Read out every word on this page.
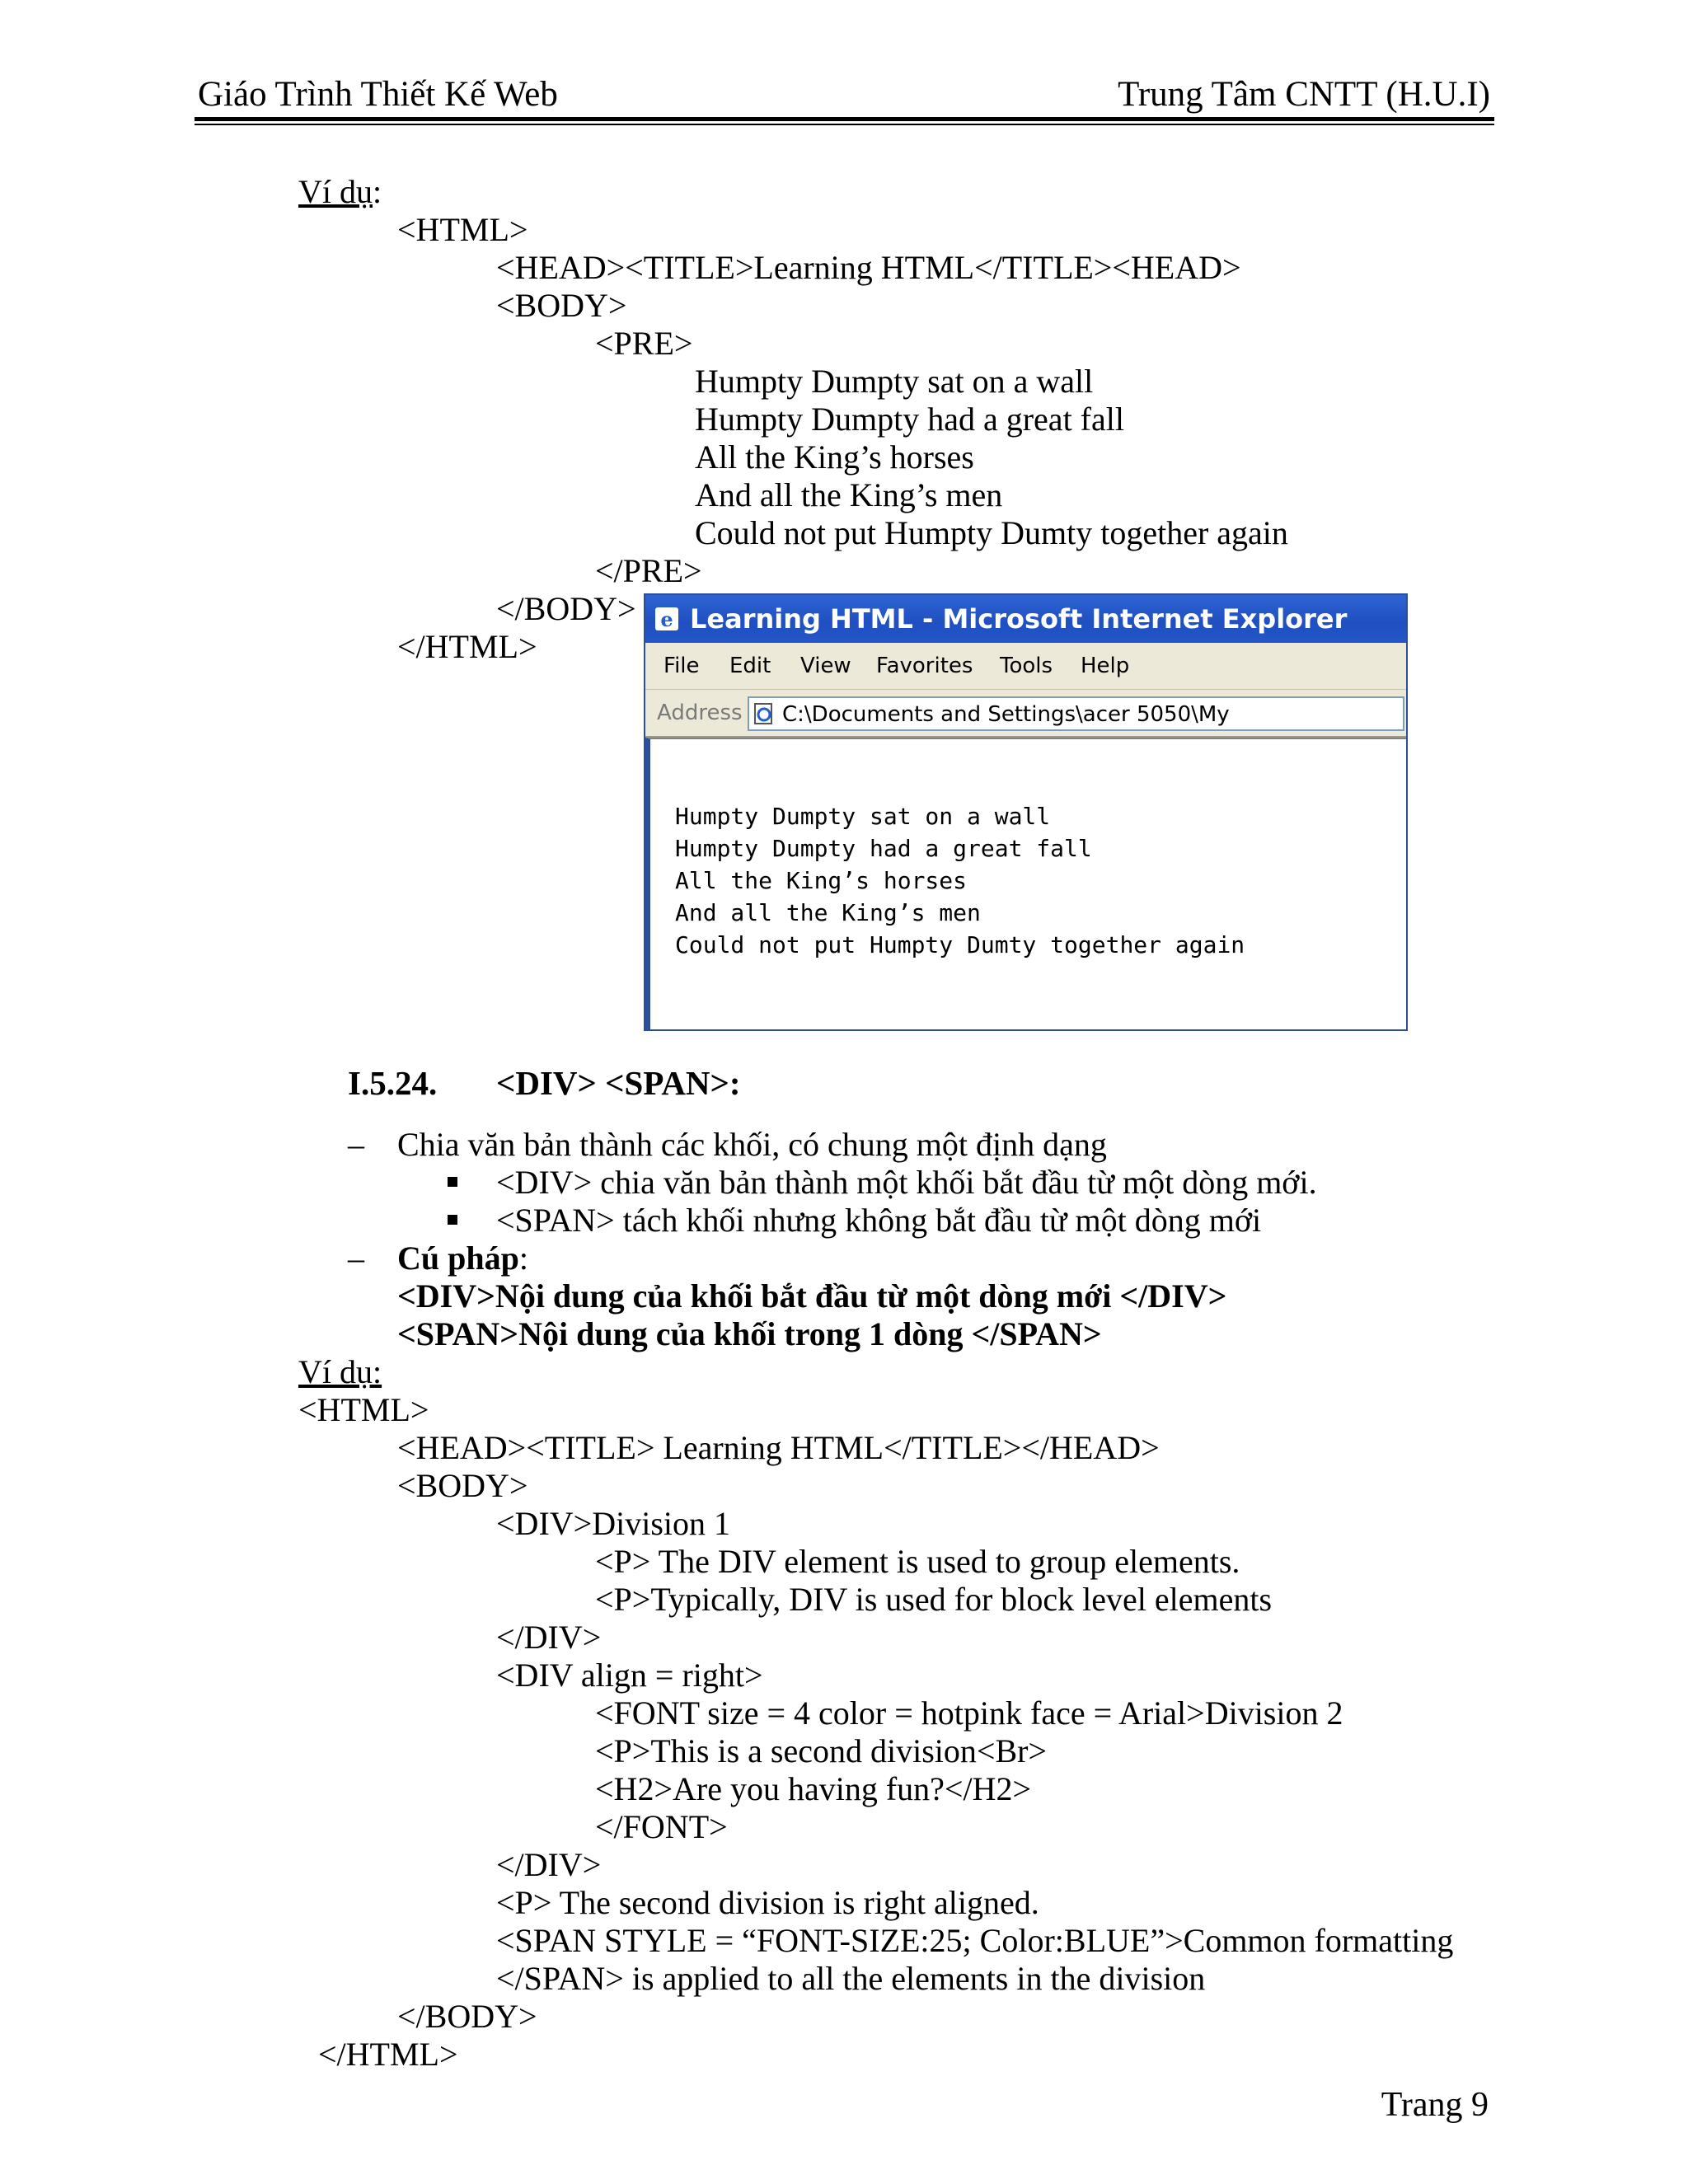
Giáo Trình Thiết Kế Web	Trung Tâm CNTT (H.U.I)
Ví dụ:
<HTML>
<HEAD><TITLE>Learning HTML</TITLE><HEAD>
<BODY>
<PRE>
Humpty Dumpty sat on a wall
Humpty Dumpty had a great fall
All the King’s horses
And all the King’s men
Could not put Humpty Dumty together again
</PRE>
</BODY>
</HTML>
e Learning HTML - Microsoft Internet Explorer
File Edit View Favorites Tools Help
Address C:\Documents and Settings\acer 5050\My
Humpty Dumpty sat on a wall
Humpty Dumpty had a great fall
All the King’s horses
And all the King’s men
Could not put Humpty Dumty together again
I.5.24. <DIV> <SPAN>:
– Chia văn bản thành các khối, có chung một định dạng
<DIV> chia văn bản thành một khối bắt đầu từ một dòng mới.
<SPAN> tách khối nhưng không bắt đầu từ một dòng mới
– Cú pháp:
<DIV>Nội dung của khối bắt đầu từ một dòng mới </DIV>
<SPAN>Nội dung của khối trong 1 dòng </SPAN>
Ví dụ:
<HTML>
<HEAD><TITLE> Learning HTML</TITLE></HEAD>
<BODY>
<DIV>Division 1
<P> The DIV element is used to group elements.
<P>Typically, DIV is used for block level elements
</DIV>
<DIV align = right>
<FONT size = 4 color = hotpink face = Arial>Division 2
<P>This is a second division<Br>
<H2>Are you having fun?</H2>
</FONT>
</DIV>
<P> The second division is right aligned.
<SPAN STYLE = “FONT-SIZE:25; Color:BLUE”>Common formatting
</SPAN> is applied to all the elements in the division
</BODY>
</HTML>
Trang 9
